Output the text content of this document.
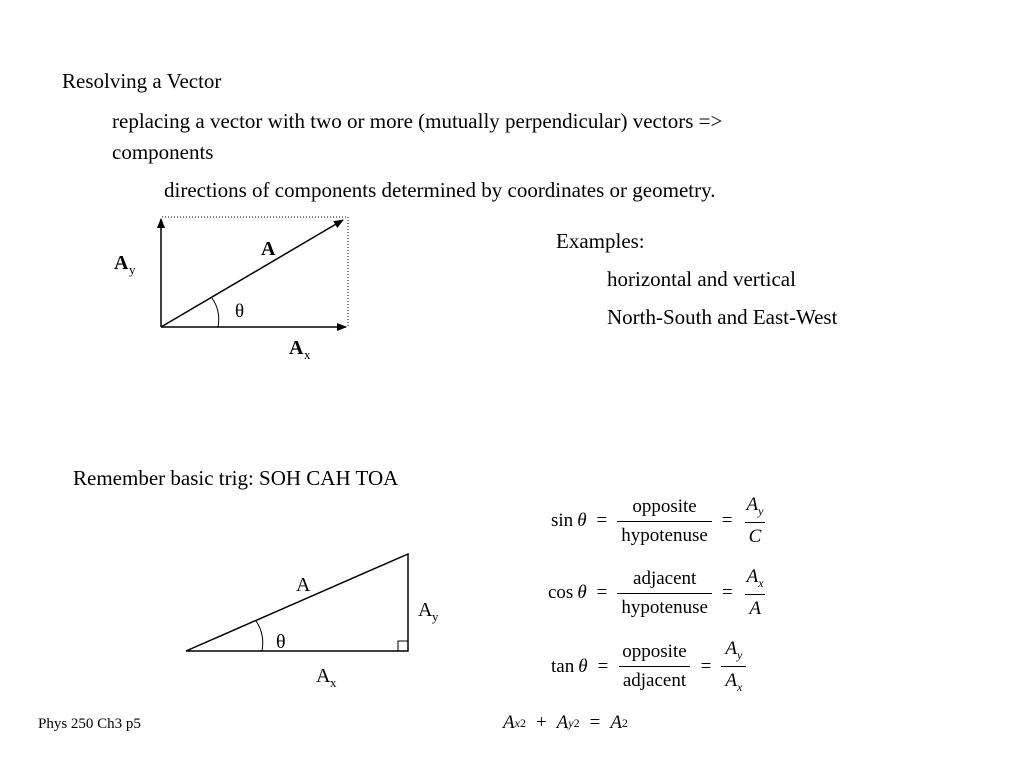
Resolving a Vector
replacing a vector with two or more (mutually perpendicular) vectors =>
components
directions of components determined by coordinates or geometry.
Examples:
horizontal and vertical
North-South and East-West
Remember basic trig: SOH CAH TOA
θ
A
A y
A x
θ
A
A y
A x
$\sin \theta = \frac{\text{opposite}}{\text{hypotenuse}} = \frac{A_y}{C}$
$\cos \theta = \frac{\text{adjacent}}{\text{hypotenuse}} = \frac{A_x}{A}$
$\tan \theta = \frac{\text{opposite}}{\text{adjacent}} = \frac{A_y}{A_x}$
A x 2 + A y 2 = A 2
Phys 250 Ch3 p5
